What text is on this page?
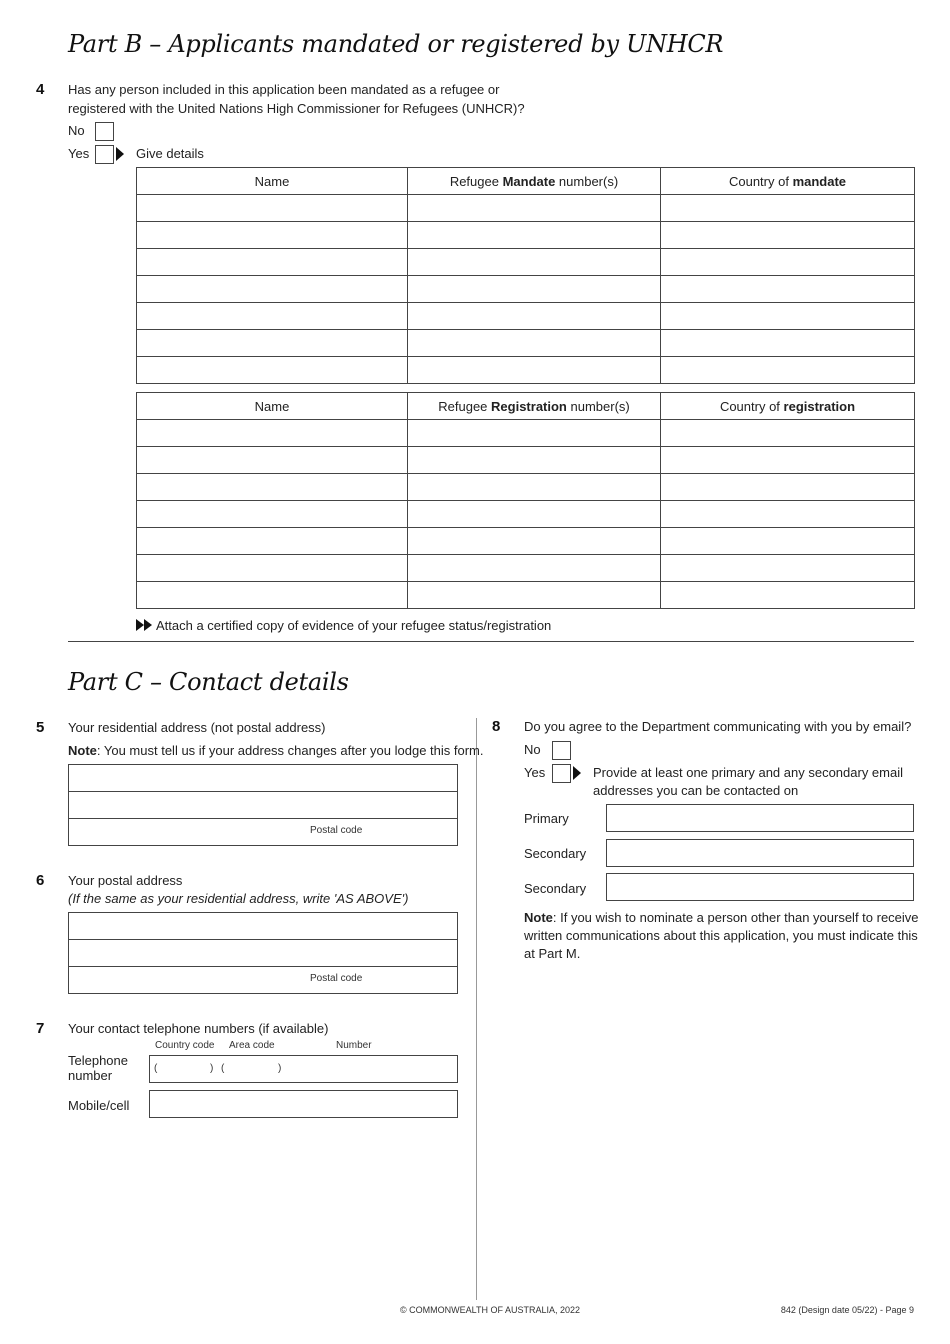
Part B – Applicants mandated or registered by UNHCR
4 Has any person included in this application been mandated as a refugee or
registered with the United Nations High Commissioner for Refugees (UNHCR)?
No
Yes	Give details
Name	Refugee Mandate number(s)	Country of mandate

Name	Refugee Registration number(s)	Country of registration

Attach a certified copy of evidence of your refugee status/registration
Part C – Contact details
5 Your residential address (not postal address)
Note: You must tell us if your address changes after you lodge this form.
Postal code
6 Your postal address
(If the same as your residential address, write 'AS ABOVE')
Postal code
7 Your contact telephone numbers (if available)
Country code Area code	Number
Telephone
number	(	) (	)
Mobile/cell
8 Do you agree to the Department communicating with you by email?
No
Yes	Provide at least one primary and any secondary email
addresses you can be contacted on
Primary
Secondary
Secondary
Note: If you wish to nominate a person other than yourself to receive
written communications about this application, you must indicate this
at Part M.
© COMMONWEALTH OF AUSTRALIA, 2022	842 (Design date 05/22) - Page 9
